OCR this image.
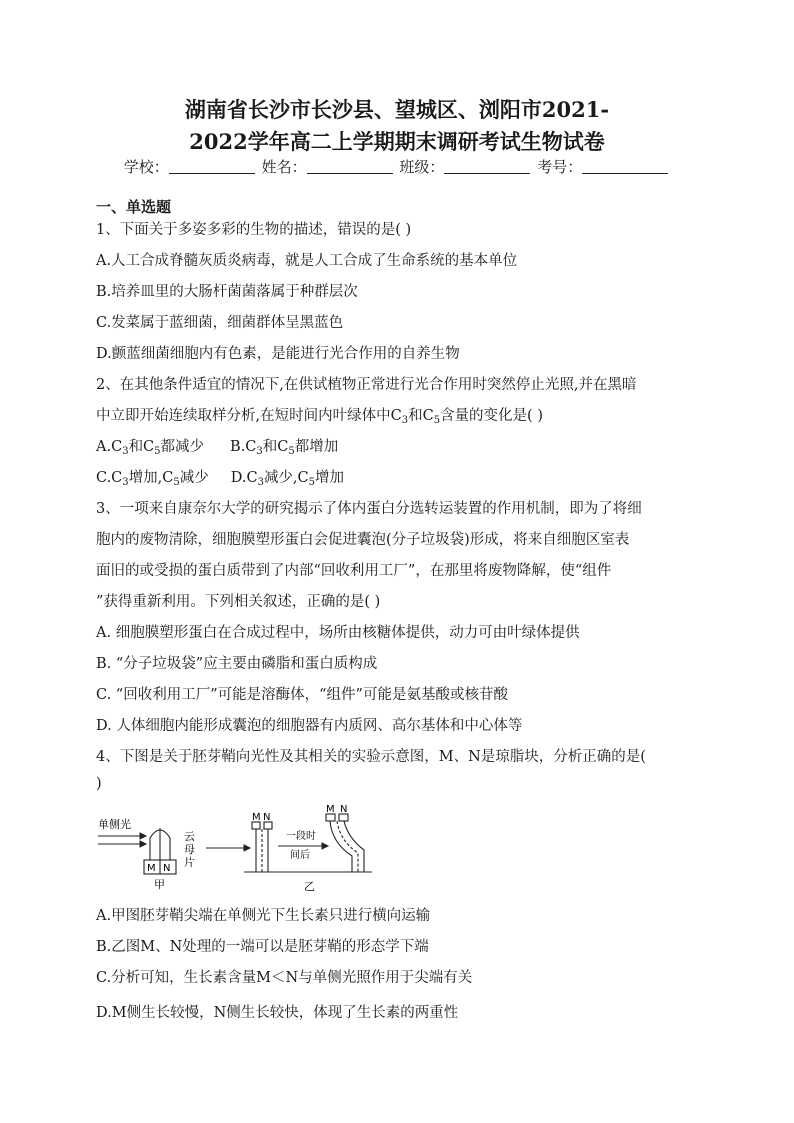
湖南省长沙市长沙县、望城区、浏阳市2021-
2022学年高二上学期期末调研考试生物试卷
学校：	姓名：	班级：	考号：
一、单选题
1、下面关于多姿多彩的生物的描述，错误的是( )
A.人工合成脊髓灰质炎病毒，就是人工合成了生命系统的基本单位
B.培养皿里的大肠杆菌菌落属于种群层次
C.发菜属于蓝细菌，细菌群体呈黑蓝色
D.颤蓝细菌细胞内有色素，是能进行光合作用的自养生物
2、在其他条件适宜的情况下,在供试植物正常进行光合作用时突然停止光照,并在黑暗
中立即开始连续取样分析,在短时间内叶绿体中$C_3$和$C_5$含量的变化是( )
$A.C_3$和$C_5$都减少 $B.C_3$和$C_5$都增加
$C.C_3$增加$,C_5$减少 $D.C_3$减少$,C_5$增加
3、一项来自康奈尔大学的研究揭示了体内蛋白分选转运装置的作用机制，即为了将细
胞内的废物清除，细胞膜塑形蛋白会促进囊泡(分子垃圾袋)形成，将来自细胞区室表
面旧的或受损的蛋白质带到了内部“回收利用工厂”，在那里将废物降解，使“组件
”获得重新利用。下列相关叙述，正确的是( )
A. 细胞膜塑形蛋白在合成过程中，场所由核糖体提供，动力可由叶绿体提供
B. “分子垃圾袋”应主要由磷脂和蛋白质构成
C. “回收利用工厂”可能是溶酶体，“组件”可能是氨基酸或核苷酸
D. 人体细胞内能形成囊泡的细胞器有内质网、高尔基体和中心体等
4、下图是关于胚芽鞘向光性及其相关的实验示意图，M、N是琼脂块，分析正确的是(
)
单侧光
M N
甲
云
母
片
M N
一段时
间后
M N
乙
A.甲图胚芽鞘尖端在单侧光下生长素只进行横向运输
B.乙图M、N处理的一端可以是胚芽鞘的形态学下端
C.分析可知，生长素含量M＜N与单侧光照作用于尖端有关
D.M侧生长较慢，N侧生长较快，体现了生长素的两重性
